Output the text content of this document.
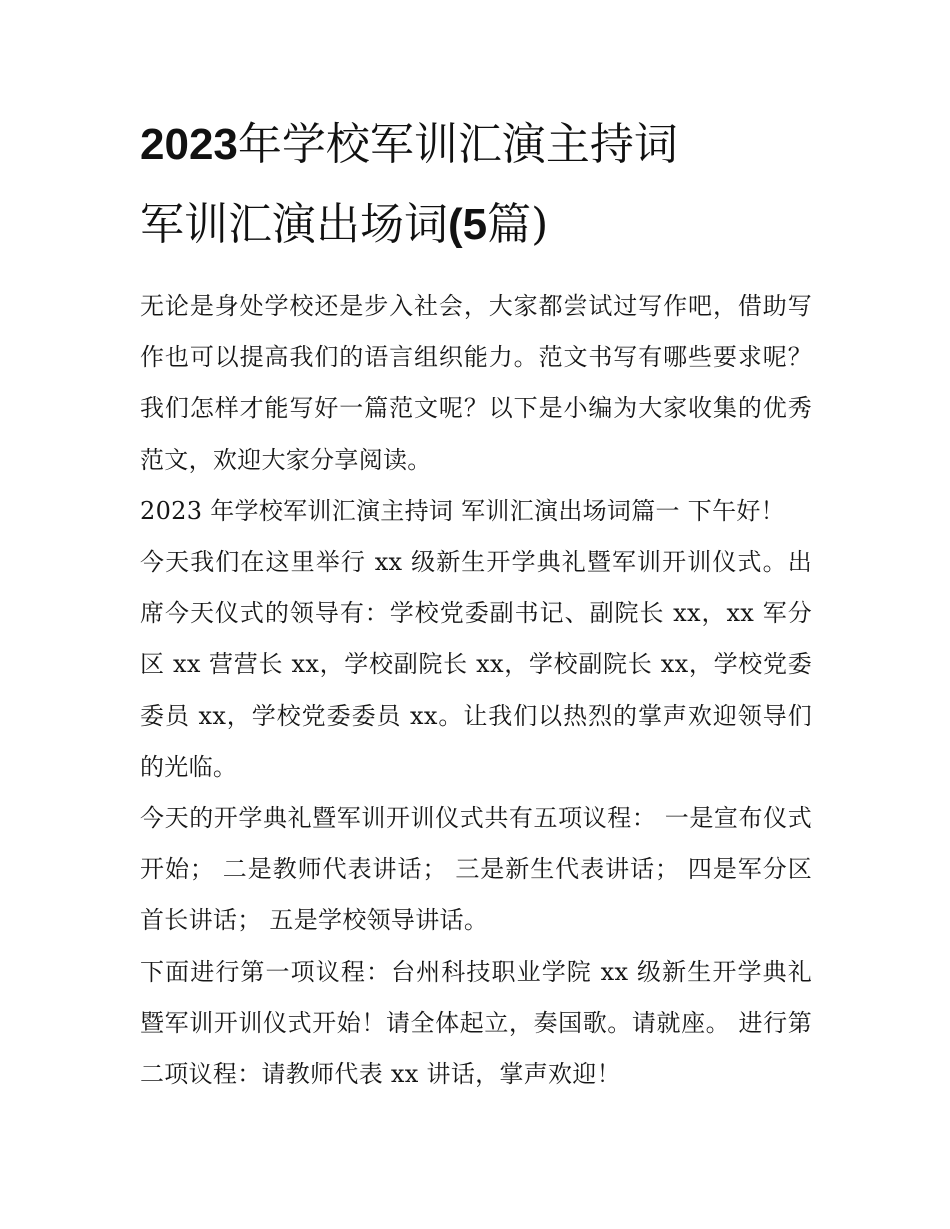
2023年学校军训汇演主持词
军训汇演出场词(5篇)

无论是身处学校还是步入社会，大家都尝试过写作吧，借助写作也可以提高我们的语言组织能力。范文书写有哪些要求呢？我们怎样才能写好一篇范文呢？以下是小编为大家收集的优秀范文，欢迎大家分享阅读。

2023 年学校军训汇演主持词 军训汇演出场词篇一 下午好！

今天我们在这里举行 xx 级新生开学典礼暨军训开训仪式。出席今天仪式的领导有：学校党委副书记、副院长 xx，xx 军分区 xx 营营长 xx，学校副院长 xx，学校副院长 xx，学校党委委员 xx，学校党委委员 xx。让我们以热烈的掌声欢迎领导们的光临。

今天的开学典礼暨军训开训仪式共有五项议程： 一是宣布仪式开始； 二是教师代表讲话； 三是新生代表讲话； 四是军分区首长讲话； 五是学校领导讲话。

下面进行第一项议程：台州科技职业学院 xx 级新生开学典礼暨军训开训仪式开始！请全体起立，奏国歌。请就座。 进行第二项议程：请教师代表 xx 讲话，掌声欢迎！
